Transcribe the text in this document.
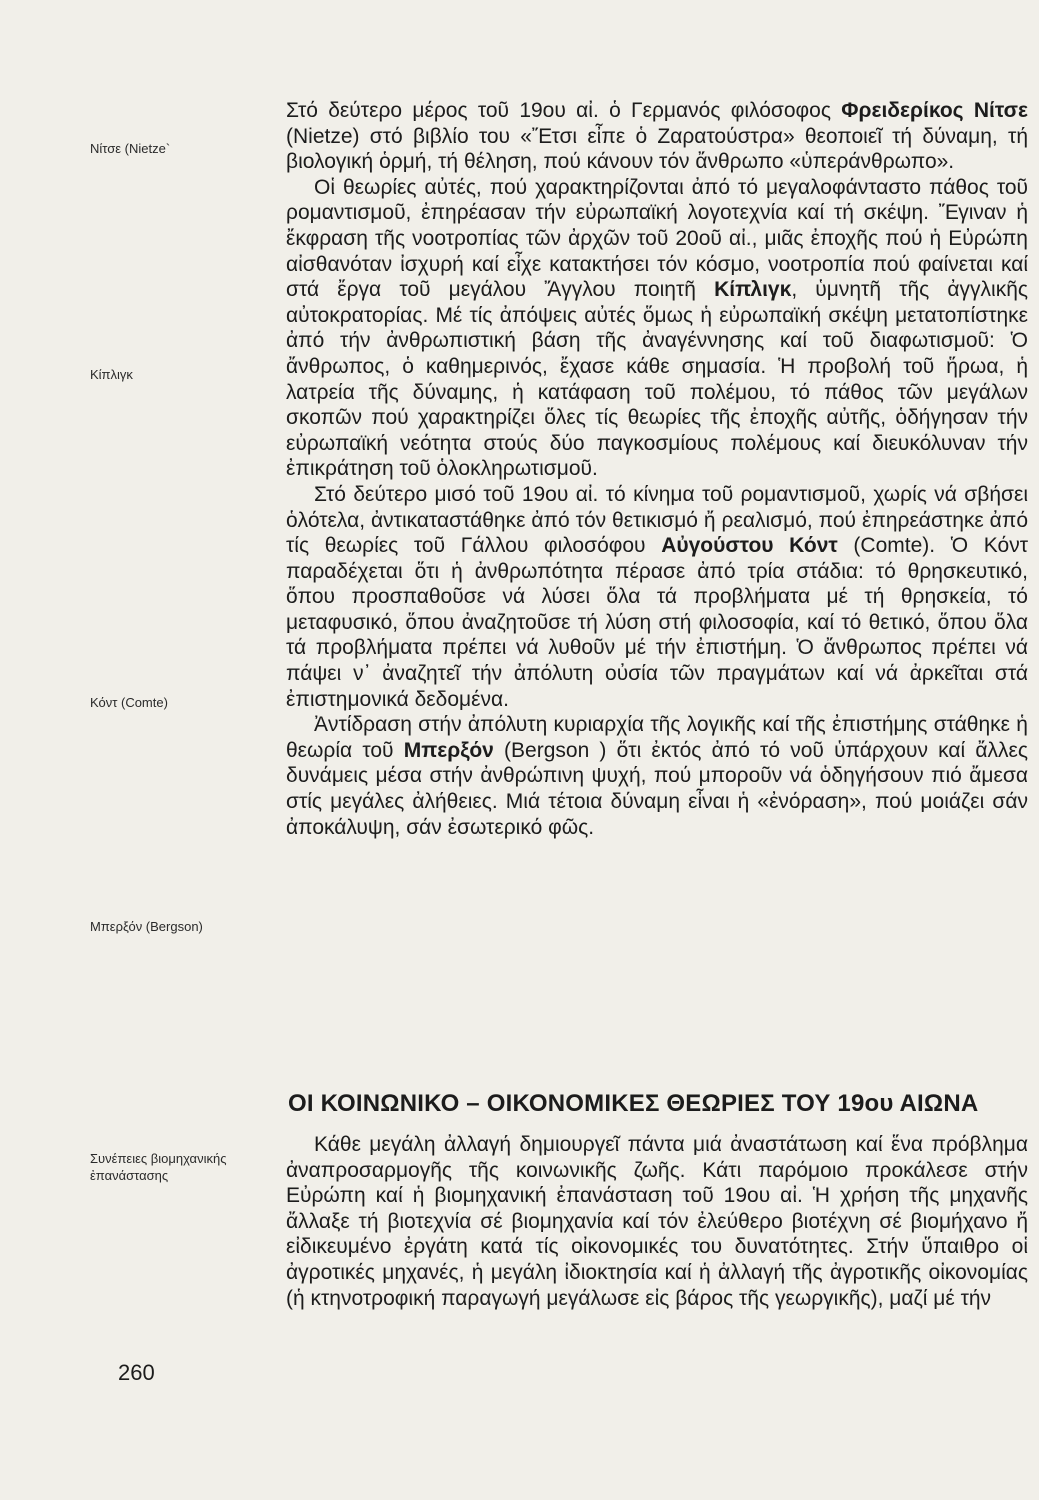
Νίτσε (Nietze`
Κίπλιγκ
Κόντ (Comte)
Μπερξόν (Bergson)
Συνέπειες βιομηχανικής ἐπανάστασης

Στό δεύτερο μέρος τοῦ 19ου αἰ. ὁ Γερμανός φιλόσοφος Φρειδερίκος Νίτσε (Nietze) στό βιβλίο του «Ἔτσι εἶπε ὁ Ζαρατούστρα» θεοποιεῖ τή δύναμη, τή βιολογική ὁρμή, τή θέληση, πού κάνουν τόν ἄνθρωπο «ὑπεράνθρωπο».

Οἱ θεωρίες αὐτές, πού χαρακτηρίζονται ἀπό τό μεγαλοφάνταστο πάθος τοῦ ρομαντισμοῦ, ἐπηρέασαν τήν εὐρωπαϊκή λογοτεχνία καί τή σκέψη. Ἔγιναν ἡ ἔκφραση τῆς νοοτροπίας τῶν ἀρχῶν τοῦ 20οῦ αἰ., μιᾶς ἐποχῆς πού ἡ Εὐρώπη αἰσθανόταν ἰσχυρή καί εἶχε κατακτήσει τόν κόσμο, νοοτροπία πού φαίνεται καί στά ἔργα τοῦ μεγάλου Ἄγγλου ποιητῆ Κίπλιγκ, ὑμνητῆ τῆς ἀγγλικῆς αὐτοκρατορίας. Μέ τίς ἀπόψεις αὐτές ὅμως ἡ εὐρωπαϊκή σκέψη μετατοπίστηκε ἀπό τήν ἀνθρωπιστική βάση τῆς ἀναγέννησης καί τοῦ διαφωτισμοῦ: Ὁ ἄνθρωπος, ὁ καθημερινός, ἔχασε κάθε σημασία. Ἡ προβολή τοῦ ἥρωα, ἡ λατρεία τῆς δύναμης, ἡ κατάφαση τοῦ πολέμου, τό πάθος τῶν μεγάλων σκοπῶν πού χαρακτηρίζει ὅλες τίς θεωρίες τῆς ἐποχῆς αὐτῆς, ὁδήγησαν τήν εὐρωπαϊκή νεότητα στούς δύο παγκοσμίους πολέμους καί διευκόλυναν τήν ἐπικράτηση τοῦ ὁλοκληρωτισμοῦ.

Στό δεύτερο μισό τοῦ 19ου αἰ. τό κίνημα τοῦ ρομαντισμοῦ, χωρίς νά σβήσει ὁλότελα, ἀντικαταστάθηκε ἀπό τόν θετικισμό ἤ ρεαλισμό, πού ἐπηρεάστηκε ἀπό τίς θεωρίες τοῦ Γάλλου φιλοσόφου Αὐγούστου Κόντ (Comte). Ὁ Κόντ παραδέχεται ὅτι ἡ ἀνθρωπότητα πέρασε ἀπό τρία στάδια: τό θρησκευτικό, ὅπου προσπαθοῦσε νά λύσει ὅλα τά προβλήματα μέ τή θρησκεία, τό μεταφυσικό, ὅπου ἀναζητοῦσε τή λύση στή φιλοσοφία, καί τό θετικό, ὅπου ὅλα τά προβλήματα πρέπει νά λυθοῦν μέ τήν ἐπιστήμη. Ὁ ἄνθρωπος πρέπει νά πάψει ν᾽ ἀναζητεῖ τήν ἀπόλυτη οὐσία τῶν πραγμάτων καί νά ἀρκεῖται στά ἐπιστημονικά δεδομένα.

Ἀντίδραση στήν ἀπόλυτη κυριαρχία τῆς λογικῆς καί τῆς ἐπιστήμης στάθηκε ἡ θεωρία τοῦ Μπερξόν (Bergson ) ὅτι ἐκτός ἀπό τό νοῦ ὑπάρχουν καί ἄλλες δυνάμεις μέσα στήν ἀνθρώπινη ψυχή, πού μποροῦν νά ὁδηγήσουν πιό ἄμεσα στίς μεγάλες ἀλήθειες. Μιά τέτοια δύναμη εἶναι ἡ «ἐνόραση», πού μοιάζει σάν ἀποκάλυψη, σάν ἐσωτερικό φῶς.

ΟΙ ΚΟΙΝΩΝΙΚΟ – ΟΙΚΟΝΟΜΙΚΕΣ ΘΕΩΡΙΕΣ ΤΟΥ 19ου ΑΙΩΝΑ

Κάθε μεγάλη ἀλλαγή δημιουργεῖ πάντα μιά ἀναστάτωση καί ἕνα πρόβλημα ἀναπροσαρμογῆς τῆς κοινωνικῆς ζωῆς. Κάτι παρόμοιο προκάλεσε στήν Εὐρώπη καί ἡ βιομηχανική ἐπανάσταση τοῦ 19ου αἰ. Ἡ χρήση τῆς μηχανῆς ἄλλαξε τή βιοτεχνία σέ βιομηχανία καί τόν ἐλεύθερο βιοτέχνη σέ βιομήχανο ἤ εἰδικευμένο ἐργάτη κατά τίς οἰκονομικές του δυνατότητες. Στήν ὕπαιθρο οἱ ἀγροτικές μηχανές, ἡ μεγάλη ἰδιοκτησία καί ἡ ἀλλαγή τῆς ἀγροτικῆς οἰκονομίας (ἡ κτηνοτροφική παραγωγή μεγάλωσε εἰς βάρος τῆς γεωργικῆς), μαζί μέ τήν

260
